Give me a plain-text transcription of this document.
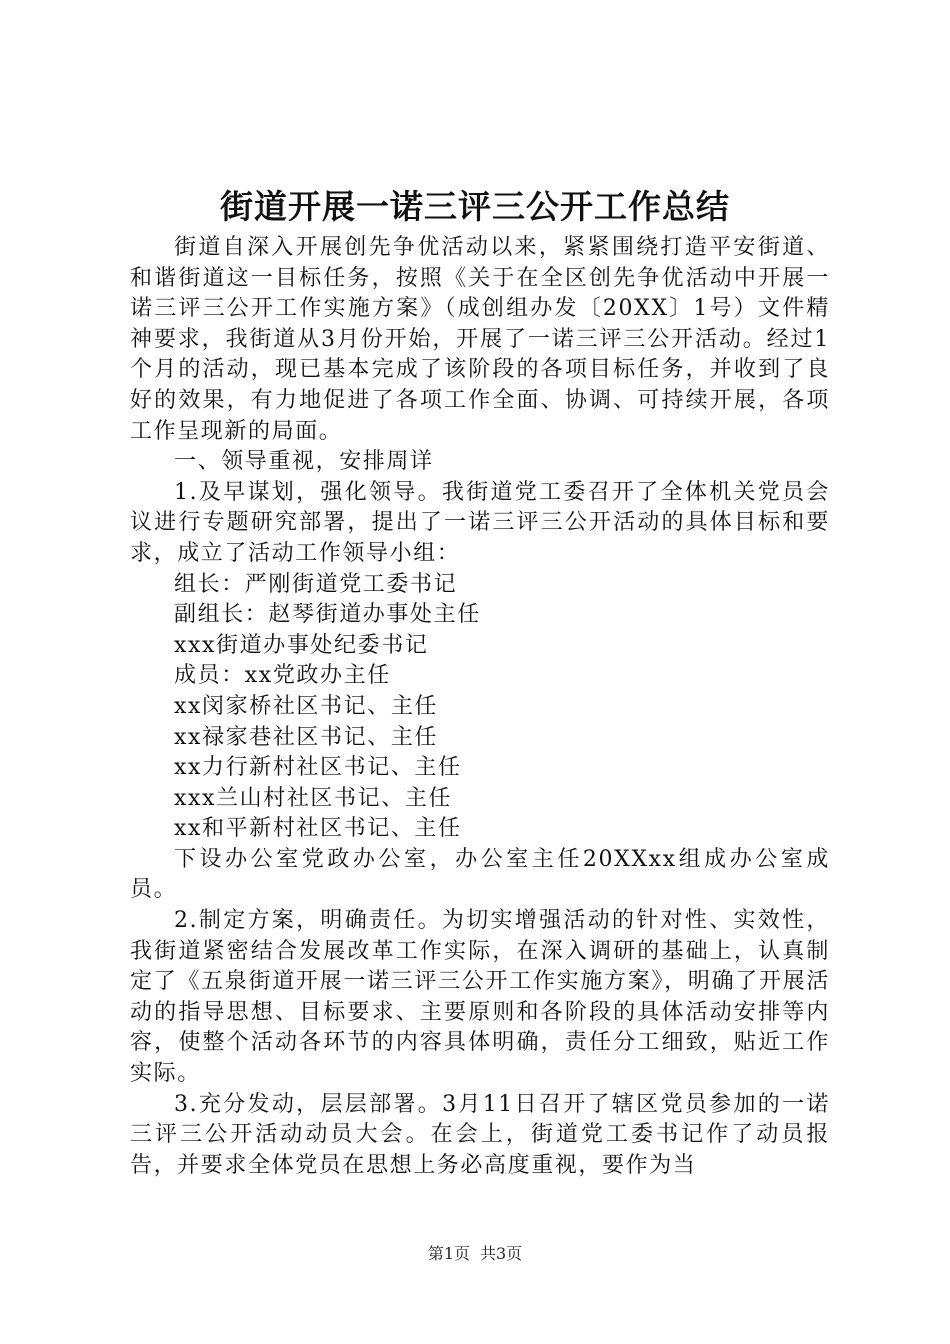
街道开展一诺三评三公开工作总结

街道自深入开展创先争优活动以来，紧紧围绕打造平安街道、和谐街道这一目标任务，按照《关于在全区创先争优活动中开展一诺三评三公开工作实施方案》（成创组办发〔20XX〕1号）文件精神要求，我街道从3月份开始，开展了一诺三评三公开活动。经过1个月的活动，现已基本完成了该阶段的各项目标任务，并收到了良好的效果，有力地促进了各项工作全面、协调、可持续开展，各项工作呈现新的局面。

一、领导重视，安排周详

1.及早谋划，强化领导。我街道党工委召开了全体机关党员会议进行专题研究部署，提出了一诺三评三公开活动的具体目标和要求，成立了活动工作领导小组：

组长：严刚街道党工委书记

副组长：赵琴街道办事处主任

xxx街道办事处纪委书记

成员：xx党政办主任

xx闵家桥社区书记、主任

xx禄家巷社区书记、主任

xx力行新村社区书记、主任

xxx兰山村社区书记、主任

xx和平新村社区书记、主任

下设办公室党政办公室，办公室主任20XXxx组成办公室成员。

2.制定方案，明确责任。为切实增强活动的针对性、实效性，我街道紧密结合发展改革工作实际，在深入调研的基础上，认真制定了《五泉街道开展一诺三评三公开工作实施方案》，明确了开展活动的指导思想、目标要求、主要原则和各阶段的具体活动安排等内容，使整个活动各环节的内容具体明确，责任分工细致，贴近工作实际。

3.充分发动，层层部署。3月11日召开了辖区党员参加的一诺三评三公开活动动员大会。在会上，街道党工委书记作了动员报告，并要求全体党员在思想上务必高度重视，要作为当

第1页 共3页
